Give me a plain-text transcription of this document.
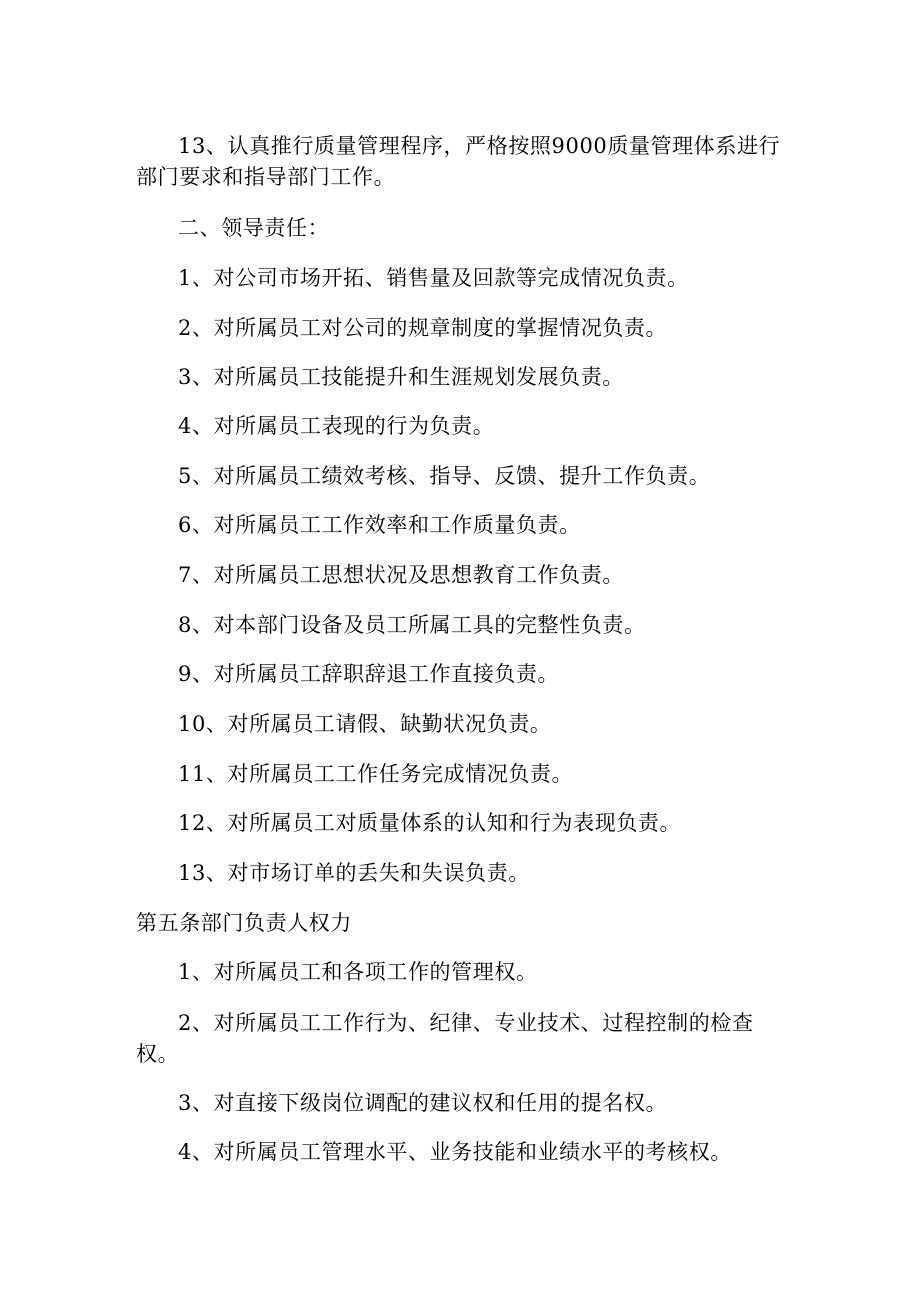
13、认真推行质量管理程序，严格按照9000质量管理体系进行
部门要求和指导部门工作。
二、领导责任：
1、对公司市场开拓、销售量及回款等完成情况负责。
2、对所属员工对公司的规章制度的掌握情况负责。
3、对所属员工技能提升和生涯规划发展负责。
4、对所属员工表现的行为负责。
5、对所属员工绩效考核、指导、反馈、提升工作负责。
6、对所属员工工作效率和工作质量负责。
7、对所属员工思想状况及思想教育工作负责。
8、对本部门设备及员工所属工具的完整性负责。
9、对所属员工辞职辞退工作直接负责。
10、对所属员工请假、缺勤状况负责。
11、对所属员工工作任务完成情况负责。
12、对所属员工对质量体系的认知和行为表现负责。
13、对市场订单的丢失和失误负责。
第五条部门负责人权力
1、对所属员工和各项工作的管理权。
2、对所属员工工作行为、纪律、专业技术、过程控制的检查
权。
3、对直接下级岗位调配的建议权和任用的提名权。
4、对所属员工管理水平、业务技能和业绩水平的考核权。
